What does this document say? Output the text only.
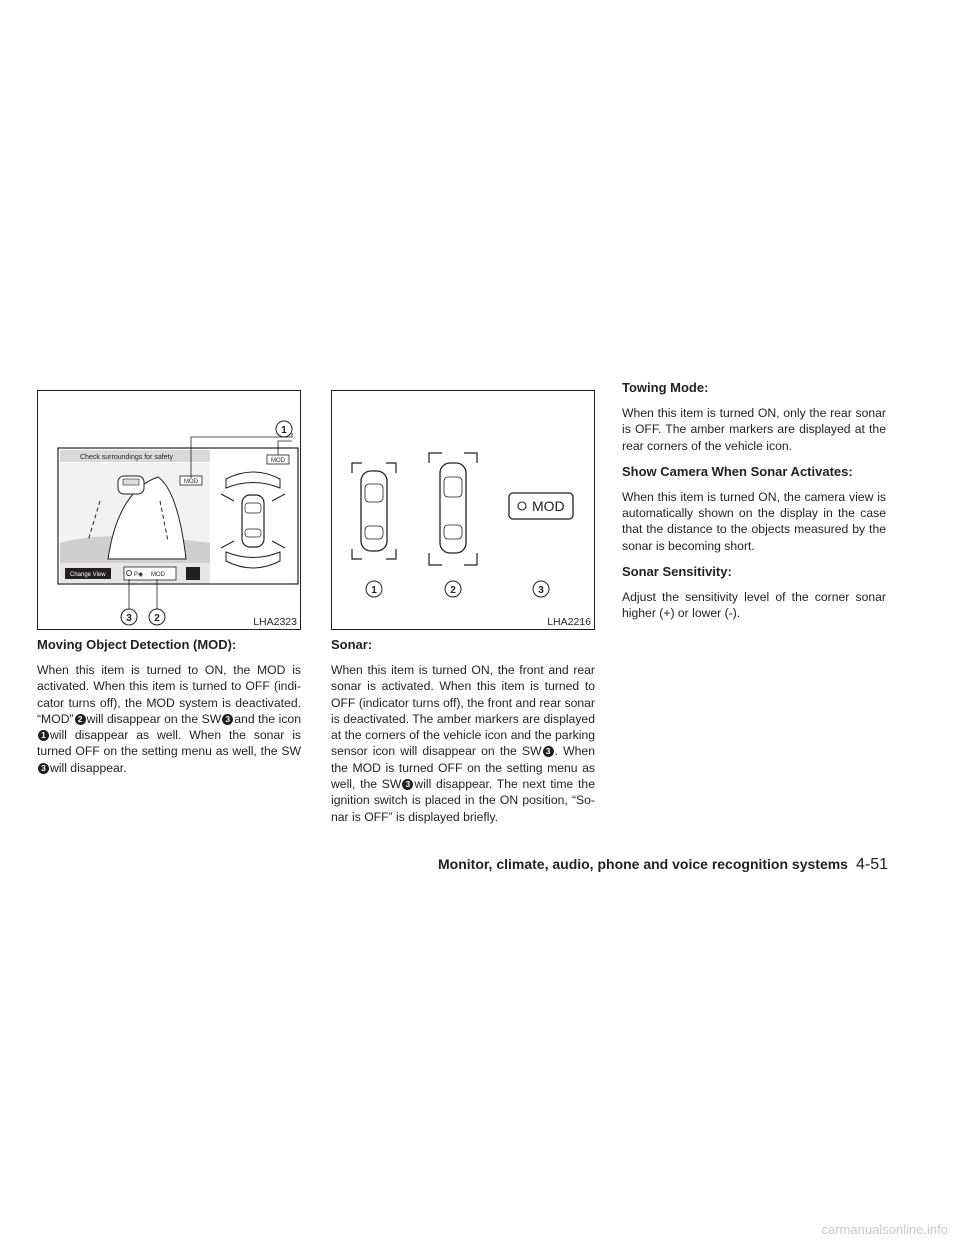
Check surroundings for safety
MOD
Change View	P◉ · MOD
MOD
1
3 2	LHA2323
Moving Object Detection (MOD):

When this item is turned to ON, the MOD is activated. When this item is turned to OFF (indi-cator turns off), the MOD system is deactivated. “MOD” 2 will disappear on the SW 3 and the icon1 will disappear as well. When the sonar is turned OFF on the setting menu as well, the SW3 will disappear.

MOD
1	2	3
LHA2216
Sonar:

When this item is turned ON, the front and rear sonar is activated. When this item is turned to OFF (indicator turns off), the front and rear sonar is deactivated. The amber markers are displayed at the corners of the vehicle icon and the parking sensor icon will disappear on the SW 3 . When the MOD is turned OFF on the setting menu as well, the SW 3 will disappear. The next time the ignition switch is placed in the ON position, “So-nar is OFF” is displayed briefly.

Towing Mode:

When this item is turned ON, only the rear sonar is OFF. The amber markers are displayed at the rear corners of the vehicle icon.

Show Camera When Sonar Activates:

When this item is turned ON, the camera view is automatically shown on the display in the case that the distance to the objects measured by the sonar is becoming short.

Sonar Sensitivity:

Adjust the sensitivity level of the corner sonar higher (+) or lower (-).

Monitor, climate, audio, phone and voice recognition systems 4-51
carmanualsonline.info
